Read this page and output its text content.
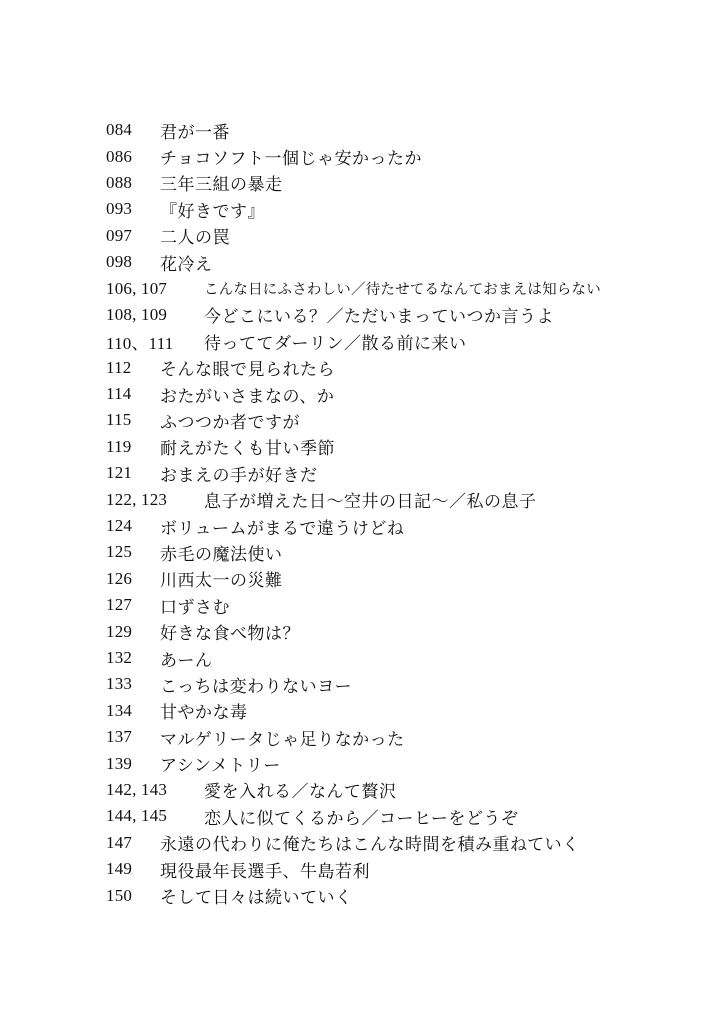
084	君が一番
086	チョコソフト一個じゃ安かったか
088	三年三組の暴走
093	『好きです』
097	二人の罠
098	花冷え
106, 107	こんな日にふさわしい／待たせてるなんておまえは知らない
108, 109	今どこにいる？／ただいまっていつか言うよ
110、111	待っててダーリン／散る前に来い
112	そんな眼で見られたら
114	おたがいさまなの、か
115	ふつつか者ですが
119	耐えがたくも甘い季節
121	おまえの手が好きだ
122, 123	息子が増えた日〜空井の日記〜／私の息子
124	ボリュームがまるで違うけどね
125	赤毛の魔法使い
126	川西太一の災難
127	口ずさむ
129	好きな食べ物は？
132	あーん
133	こっちは変わりないヨー
134	甘やかな毒
137	マルゲリータじゃ足りなかった
139	アシンメトリー
142, 143	愛を入れる／なんて贅沢
144, 145	恋人に似てくるから／コーヒーをどうぞ
147	永遠の代わりに俺たちはこんな時間を積み重ねていく
149	現役最年長選手、牛島若利
150	そして日々は続いていく
